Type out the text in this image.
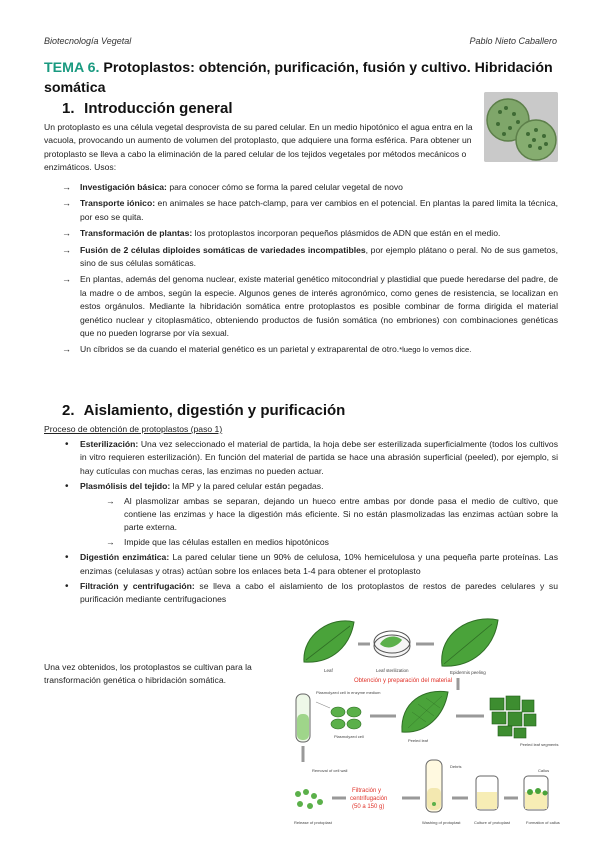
Biotecnología Vegetal	Pablo Nieto Caballero
TEMA 6. Protoplastos: obtención, purificación, fusión y cultivo. Hibridación somática
1. Introducción general

Un protoplasto es una célula vegetal desprovista de su pared celular. En un medio hipotónico el agua entra en la vacuola, provocando un aumento de volumen del protoplasto, que adquiere una forma esférica. Para obtener un protoplasto se lleva a cabo la eliminación de la pared celular de los tejidos vegetales por métodos mecánicos o enzimáticos. Usos:

→ Investigación básica: para conocer cómo se forma la pared celular vegetal de novo
→ Transporte iónico: en animales se hace patch-clamp, para ver cambios en el potencial. En plantas la pared limita la técnica, por eso se quita.
→ Transformación de plantas: los protoplastos incorporan pequeños plásmidos de ADN que están en el medio.
→ Fusión de 2 células diploides somáticas de variedades incompatibles, por ejemplo plátano o peral. No de sus gametos, sino de sus células somáticas.
→ En plantas, además del genoma nuclear, existe material genético mitocondrial y plastidial que puede heredarse del padre, de la madre o de ambos, según la especie. Algunos genes de interés agronómico, como genes de resistencia, se localizan en estos orgánulos. Mediante la hibridación somática entre protoplastos es posible combinar de forma dirigida el material genético nuclear y citoplasmático, obteniendo productos de fusión somática (no embriones) con combinaciones genéticas que no pueden lograrse por vía sexual.
→ Un cíbridos se da cuando el material genético es un parietal y extraparental de otro.*luego lo vemos dice.
2. Aislamiento, digestión y purificación
Proceso de obtención de protoplastos (paso 1)
• Esterilización: Una vez seleccionado el material de partida, la hoja debe ser esterilizada superficialmente (todos los cultivos in vitro requieren esterilización). En función del material de partida se hace una abrasión superficial (peeled), por ejemplo, si hay cutículas con muchas ceras, las enzimas no pueden actuar.
• Plasmólisis del tejido: la MP y la pared celular están pegadas.
→ Al plasmolizar ambas se separan, dejando un hueco entre ambas por donde pasa el medio de cultivo, que contiene las enzimas y hace la digestión más eficiente. Si no están plasmolizadas las enzimas actúan sobre la parte externa.
→ Impide que las células estallen en medios hipotónicos
• Digestión enzimática: La pared celular tiene un 90% de celulosa, 10% hemicelulosa y una pequeña parte proteínas. Las enzimas (celulasas y otras) actúan sobre los enlaces beta 1-4 para obtener el protoplasto
• Filtración y centrifugación: se lleva a cabo el aislamiento de los protoplastos de restos de paredes celulares y su purificación mediante centrifugaciones

Una vez obtenidos, los protoplastos se cultivan para la transformación genética o hibridación somática.

Leaf	Leaf sterilization	Epidermis peeling
Obtención y preparación del material
Plasmolyzed cell in enzyme medium
Plasmolyzed cell
Peeled leaf
Peeled leaf segments
Removal of cell wall
Release of protoplast
Filtración y
centrifugación
(50 a 150 g)
Debris
Washing of protoplast	Culture of protoplast
Callus
Formation of callus
